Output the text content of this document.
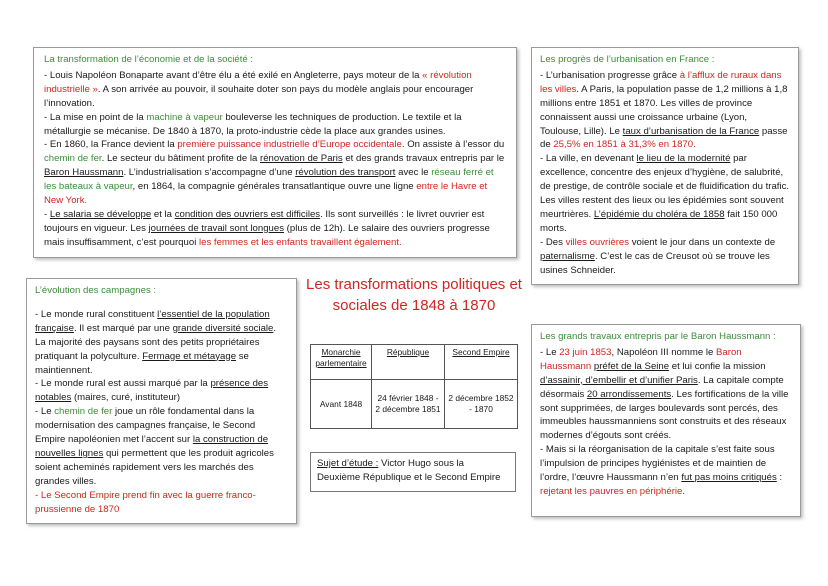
La transformation de l’économie et de la société :

- Louis Napoléon Bonaparte avant d’être élu a été exilé en Angleterre, pays moteur de la « révolution industrielle ». A son arrivée au pouvoir, il souhaite doter son pays du modèle anglais pour encourager l’innovation.

- La mise en point de la machine à vapeur bouleverse les techniques de production. Le textile et la métallurgie se mécanise. De 1840 à 1870, la proto-industrie cède la place aux grandes usines.

- En 1860, la France devient la première puissance industrielle d’Europe occidentale. On assiste à l’essor du chemin de fer. Le secteur du bâtiment profite de la rénovation de Paris et des grands travaux entrepris par le Baron Haussmann. L’industrialisation s’accompagne d’une révolution des transport avec le réseau ferré et les bateaux à vapeur, en 1864, la compagnie générales transatlantique ouvre une ligne entre le Havre et New York.

- Le salaria se développe et la condition des ouvriers est difficiles. Ils sont surveillés : le livret ouvrier est toujours en vigueur. Les journées de travail sont longues (plus de 12h). Le salaire des ouvriers progresse mais insuffisamment, c’est pourquoi les femmes et les enfants travaillent également.

Les progrès de l’urbanisation en France :

- L’urbanisation progresse grâce à l’afflux de ruraux dans les villes. A Paris, la population passe de 1,2 millions à 1,8 millions entre 1851 et 1870. Les villes de province connaissent aussi une croissance urbaine (Lyon, Toulouse, Lille). Le taux d’urbanisation de la France passe de 25,5% en 1851 à 31,3% en 1870.

- La ville, en devenant le lieu de la modernité par excellence, concentre des enjeux d’hygiène, de salubrité, de prestige, de contrôle sociale et de fluidification du trafic. Les villes restent des lieux ou les épidémies sont souvent meurtrières. L’épidémie du choléra de 1858 fait 150 000 morts.

- Des villes ouvrières voient le jour dans un contexte de paternalisme. C’est le cas de Creusot où se trouve les usines Schneider.

L’évolution des campagnes :

- Le monde rural constituent l’essentiel de la population française. Il est marqué par une grande diversité sociale. La majorité des paysans sont des petits propriétaires pratiquant la polyculture. Fermage et métayage se maintiennent.

- Le monde rural est aussi marqué par la présence des notables (maires, curé, instituteur)

- Le chemin de fer joue un rôle fondamental dans la modernisation des campagnes française, le Second Empire napoléonien met l’accent sur la construction de nouvelles lignes qui permettent que les produit agricoles soient acheminés rapidement vers les marchés des grandes villes.

- Le Second Empire prend fin avec la guerre franco-prussienne de 1870

Les transformations politiques et
sociales de 1848 à 1870
Monarchie parlementaire	République	Second Empire
Avant 1848	24 février 1848 - 2 décembre 1851	2 décembre 1852 - 1870
Sujet d’étude : Victor Hugo sous la Deuxième République et le Second Empire

Les grands travaux entrepris par le Baron Haussmann :

- Le 23 juin 1853, Napoléon III nomme le Baron Haussmann préfet de la Seine et lui confie la mission d’assainir, d’embellir et d’unifier Paris. La capitale compte désormais 20 arrondissements. Les fortifications de la ville sont supprimées, de larges boulevards sont percés, des immeubles haussmanniens sont construits et des réseaux modernes d’égouts sont créés.

- Mais si la réorganisation de la capitale s’est faite sous l’impulsion de principes hygiénistes et de maintien de l’ordre, l’œuvre Haussmann n’en fut pas moins critiqués : rejetant les pauvres en périphérie.
